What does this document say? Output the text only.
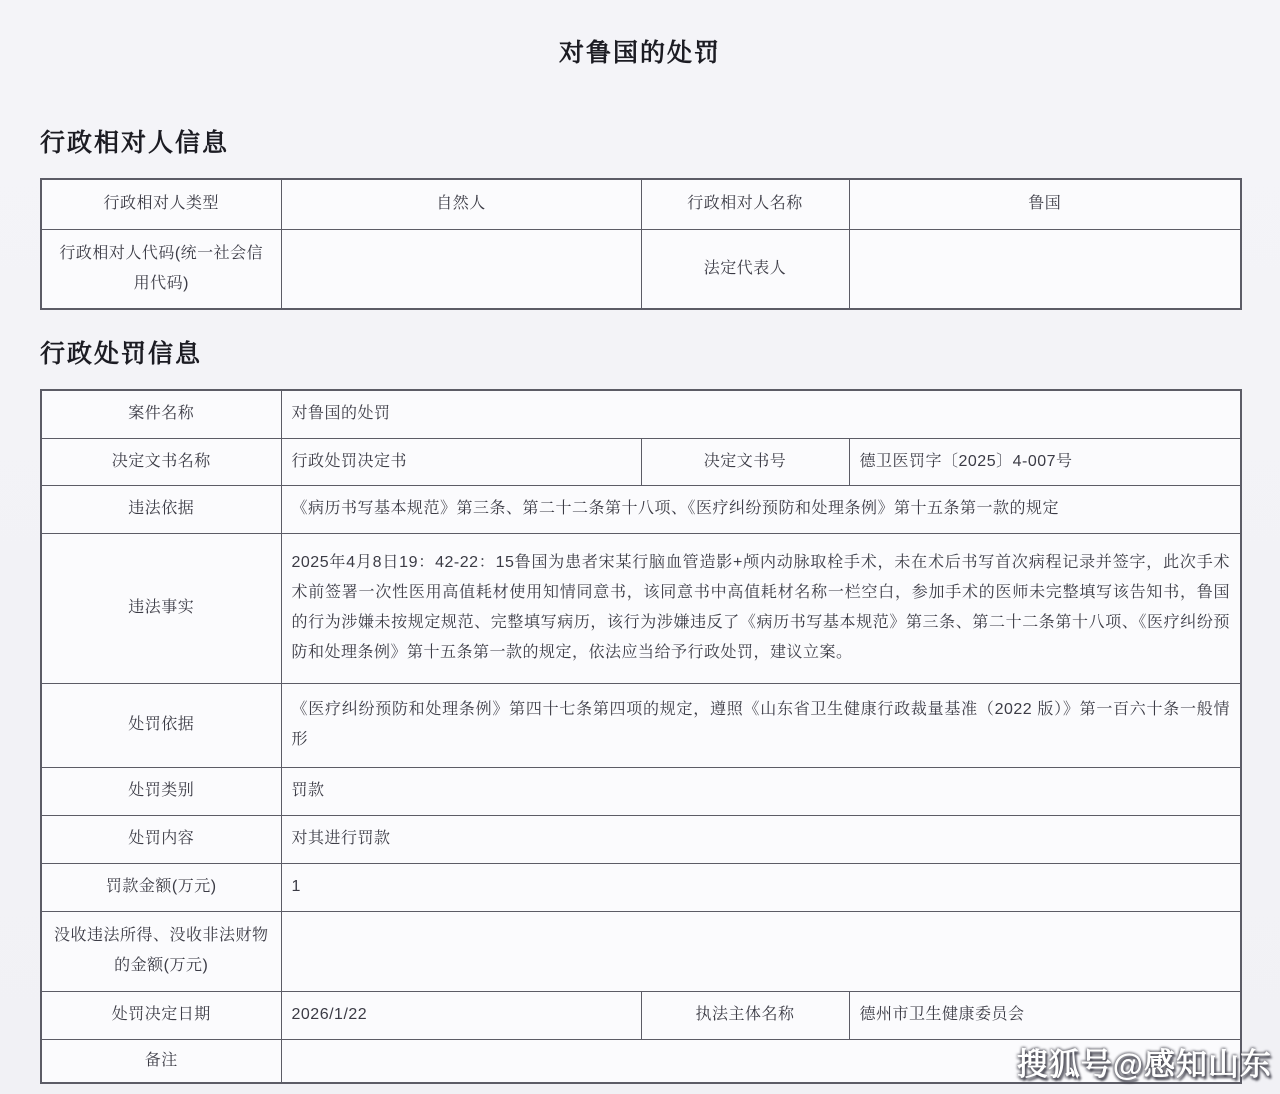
对鲁国的处罚
行政相对人信息
行政相对人类型	自然人	行政相对人名称	鲁国
行政相对人代码(统一社会信用代码)		法定代表人	
行政处罚信息
案件名称	对鲁国的处罚		
决定文书名称	行政处罚决定书	决定文书号	德卫医罚字〔2025〕4-007号
违法依据	《病历书写基本规范》第三条、第二十二条第十八项、《医疗纠纷预防和处理条例》第十五条第一款的规定		
违法事实	2025年4月8日19：42-22：15鲁国为患者宋某行脑血管造影+颅内动脉取栓手术，未在术后书写首次病程记录并签字，此次手术术前签署一次性医用高值耗材使用知情同意书，该同意书中高值耗材名称一栏空白，参加手术的医师未完整填写该告知书，鲁国的行为涉嫌未按规定规范、完整填写病历，该行为涉嫌违反了《病历书写基本规范》第三条、第二十二条第十八项、《医疗纠纷预防和处理条例》第十五条第一款的规定，依法应当给予行政处罚，建议立案。		
处罚依据	《医疗纠纷预防和处理条例》第四十七条第四项的规定，遵照《山东省卫生健康行政裁量基准（2022 版）》第一百六十条一般情形		
处罚类别	罚款		
处罚内容	对其进行罚款		
罚款金额(万元)	1		
没收违法所得、没收非法财物的金额(万元)			
处罚决定日期	2026/1/22	执法主体名称	德州市卫生健康委员会
备注				搜狐号@感知山东
